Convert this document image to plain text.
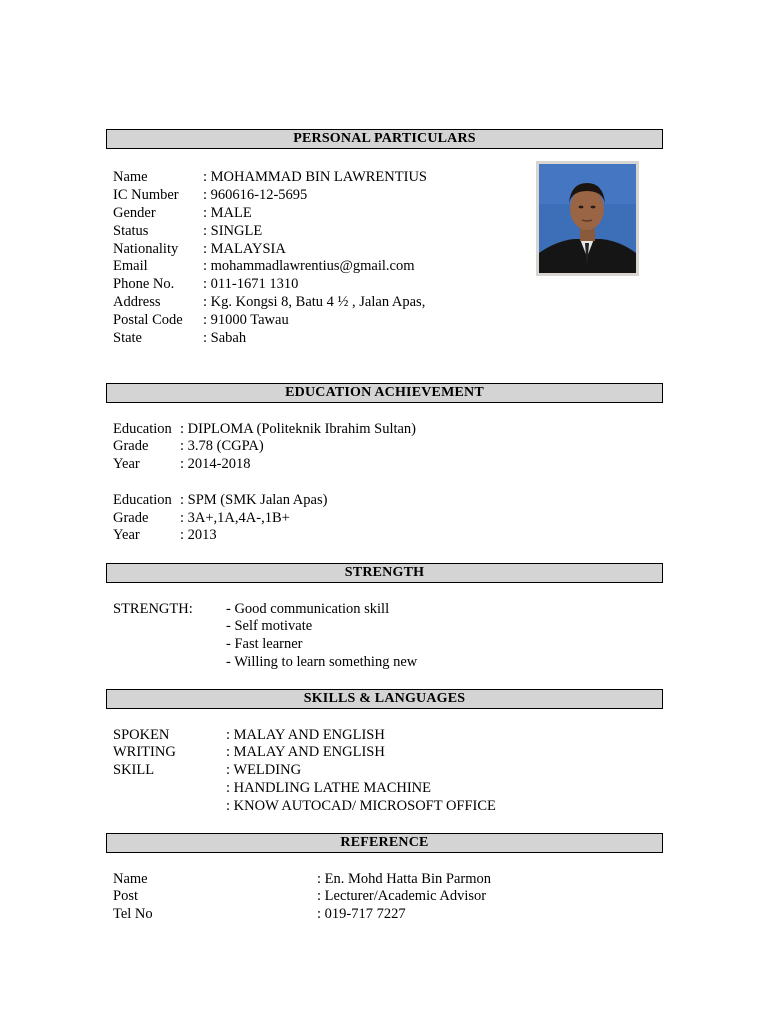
PERSONAL PARTICULARS
Name	: MOHAMMAD BIN LAWRENTIUS
IC Number : 960616-12-5695
Gender	: MALE
Status	: SINGLE
Nationality : MALAYSIA
Email	: mohammadlawrentius@gmail.com
Phone No. : 011-1671 1310
Address	: Kg. Kongsi 8, Batu 4 ½ , Jalan Apas,
Postal Code : 91000 Tawau
State	: Sabah
EDUCATION ACHIEVEMENT
Education : DIPLOMA (Politeknik Ibrahim Sultan)
Grade : 3.78 (CGPA)
Year	: 2014-2018
Education : SPM (SMK Jalan Apas)
Grade : 3A+,1A,4A-,1B+
Year	: 2013
STRENGTH
STRENGTH: - Good communication skill
- Self motivate
- Fast learner
- Willing to learn something new
SKILLS & LANGUAGES
SPOKEN	: MALAY AND ENGLISH
WRITING	: MALAY AND ENGLISH
SKILL	: WELDING
: HANDLING LATHE MACHINE
: KNOW AUTOCAD/ MICROSOFT OFFICE
REFERENCE
Name	: En. Mohd Hatta Bin Parmon
Post	: Lecturer/Academic Advisor
Tel No	: 019-717 7227
